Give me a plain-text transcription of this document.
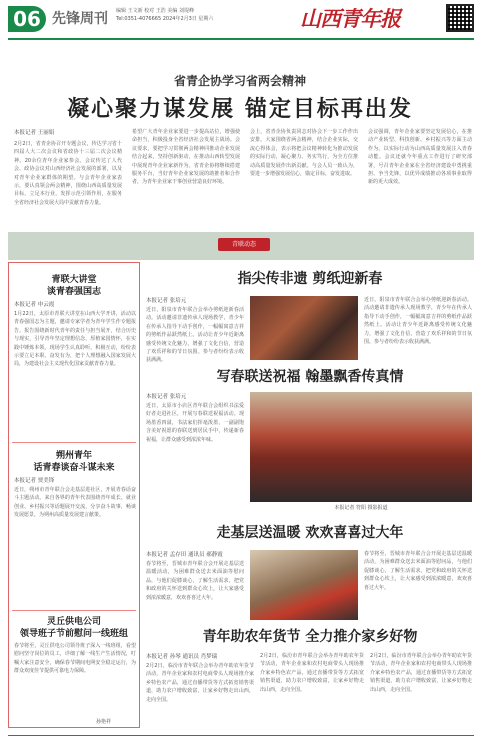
06 先锋周刊 编辑 王文新 校对 王浩 美编 刘堤峰
Tel:0351-4076665 2024年2月3日 星期六	山西青年报
省青企协学习省两会精神
凝心聚力谋发展 锚定目标再出发
本报记者 王丽娟
2月2日，省青企协召开专题会议，传达学习省十四届人大二次会议和省政协十三届二次会议精神。20余位青年企业家参会。会议传达了人代会、政协会议对山西经济社会发展的部署，以及对青年企业家群体的期望。与会青年企业家表示，要认真领会两会精神，围绕山西高质量发展目标，立足本行业，发挥示范引领作用，在服务全省经济社会发展大局中贡献青春力量。
希望广大青年企业家要进一步提高站位，增强使命担当，积极投身全省经济社会发展主战场。会议要求，要把学习贯彻两会精神同推动企业发展结合起来，坚持创新驱动，在推动山西转型发展中展现青年企业家新作为。省青企协将继续搭建服务平台，当好青年企业家发展的助推者和合作者，为青年企业家干事创业营造良好环境。
会上，省青企协负责同志对协会下一步工作作出安排。大家围绕省两会精神，结合企业实际，交流心得体会，表示将把会议精神转化为推动发展的实际行动，凝心聚力、务实笃行，为全方位推动高质量发展作出新贡献。与会人员一致认为，要进一步增强发展信心，锚定目标，奋发进取。
会议强调，青年企业家要坚定发展信心，在推动产业转型、科技创新、乡村振兴等方面主动作为，以实际行动为山西高质量发展注入青春动能。会议还就今年重点工作进行了研究部署，号召青年企业家在全省经济建设中勇挑重担、争当先锋，以优异成绩推动各项事业取得新的更大成效。
青联动态
青联大讲堂
谈青春强国志
本报记者 申云霞
1月22日，太原市青联大讲堂在山西大学开讲，活动以青春强国志为主题，邀请专家学者为青年学生作专题报告。报告围绕新时代青年的责任与担当展开，结合历史与现实，引导青年坚定理想信念，厚植家国情怀，在实践中锤炼本领。现场学生认真聆听，积极互动，纷纷表示要立足本职、奋发有为，把个人理想融入国家发展大局，为建设社会主义现代化国家贡献青春力量。
朔州青年
话青春谈奋斗谋未来
本报记者 贾美锋
近日，朔州市青年联合会走基层进社区，开展青春话奋斗主题活动。来自各界的青年代表围绕青年成长、就业创业、乡村振兴等话题展开交流，分享奋斗故事，畅谈发展愿景，为朔州高质量发展建言献策。
灵丘供电公司
领导班子节前慰问一线班组
春节将至，灵丘供电公司领导班子深入一线班组，看望慰问坚守岗位的员工，详细了解一线生产生活情况，叮嘱大家注意安全，确保春节期间电网安全稳定运行，为群众欢度佳节提供可靠电力保障。
孙艳祥
指尖传非遗 剪纸迎新春
本报记者 张培元
近日，阳泉市青年联合会举办剪纸迎新春活动。活动邀请非遗传承人现场教学，青少年在传承人指导下动手创作，一幅幅寓意吉祥的剪纸作品跃然纸上。活动让青少年近距离感受传统文化魅力，增强了文化自信，营造了欢乐祥和的节日氛围。参与者纷纷表示收获满满。
近日，阳泉市青年联合会举办剪纸迎新春活动。活动邀请非遗传承人现场教学，青少年在传承人指导下动手创作，一幅幅寓意吉祥的剪纸作品跃然纸上。活动让青少年近距离感受传统文化魅力，增强了文化自信，营造了欢乐祥和的节日氛围。参与者纷纷表示收获满满。
写春联送祝福 翰墨飘香传真情
本报记者 张培元
近日，太原市小店区青年联合会组织书法爱好者走进社区，开展写春联送祝福活动。现场墨香四溢，书法家们挥毫泼墨，一副副饱含美好祝愿的春联送到居民手中，传递新春祝福，让群众感受到浓浓年味。
本报记者 符阳 摄影报道
走基层送温暖 欢欢喜喜过大年
本报记者 孟存田 通讯员 郝静霞
春节将至，晋城市青年联合会开展走基层送温暖活动，为困难群众送去米面油等慰问品，与他们促膝谈心，了解生活需求，把党和政府的关怀送到群众心坎上，让大家感受到浓浓暖意，欢欢喜喜过大年。
春节将至，晋城市青年联合会开展走基层送温暖活动，为困难群众送去米面油等慰问品，与他们促膝谈心，了解生活需求，把党和政府的关怀送到群众心坎上，让大家感受到浓浓暖意，欢欢喜喜过大年。
青年助农年货节 全力推介家乡好物
本报记者 孙琴 通讯员 肖梦瑞
2月2日，临汾市青年联合会举办青年助农年货节活动，青年企业家和农村电商带头人现场推介家乡特色农产品，通过直播带货等方式拓宽销售渠道，助力农户增收致富，让家乡好物走出山西，走向全国。
2月2日，临汾市青年联合会举办青年助农年货节活动，青年企业家和农村电商带头人现场推介家乡特色农产品，通过直播带货等方式拓宽销售渠道，助力农户增收致富，让家乡好物走出山西，走向全国。
2月2日，临汾市青年联合会举办青年助农年货节活动，青年企业家和农村电商带头人现场推介家乡特色农产品，通过直播带货等方式拓宽销售渠道，助力农户增收致富，让家乡好物走出山西，走向全国。
